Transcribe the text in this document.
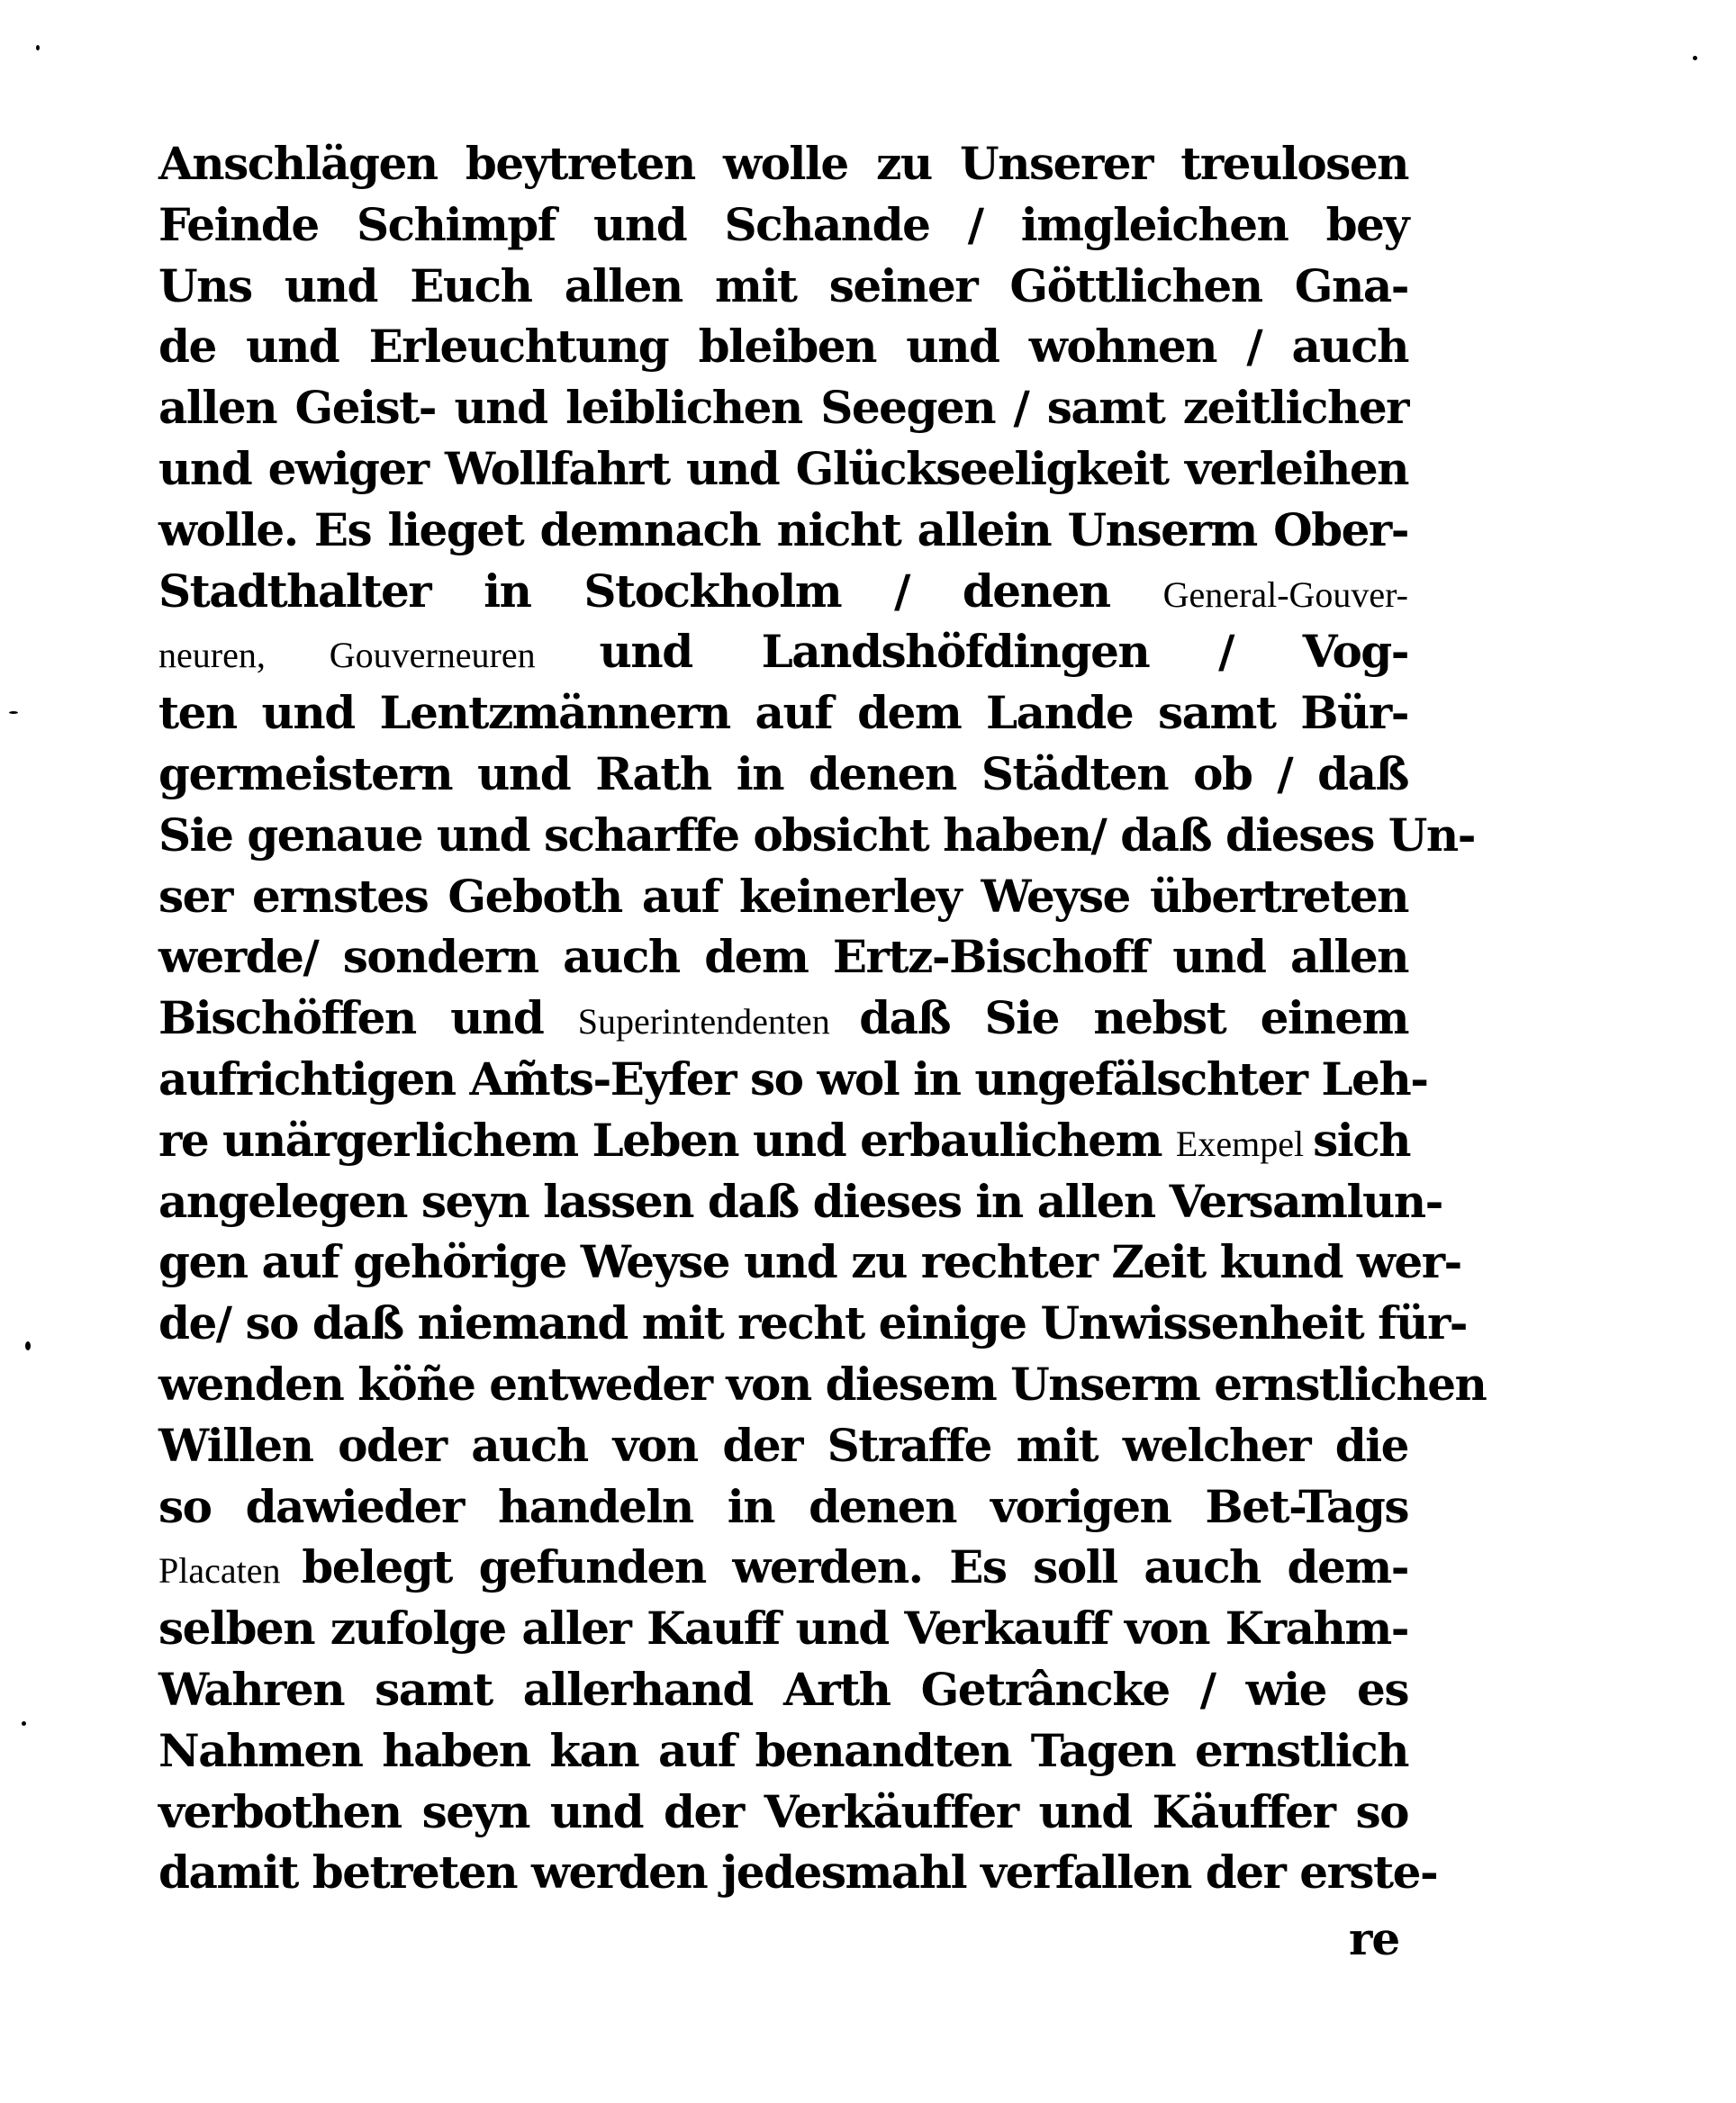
Anschlägen beytreten wolle zu Unserer treulosen
Feinde Schimpf und Schande / imgleichen bey
Uns und Euch allen mit seiner Göttlichen Gna-
de und Erleuchtung bleiben und wohnen / auch
allen Geist- und leiblichen Seegen / samt zeitlicher
und ewiger Wollfahrt und Glückseeligkeit verleihen
wolle. Es lieget demnach nicht allein Unserm Ober-
Stadthalter in Stockholm / denen General-Gouver-
neuren, Gouverneuren und Landshöfdingen / Vog-
ten und Lentzmännern auf dem Lande samt Bür-
germeistern und Rath in denen Städten ob / daß
Sie genaue und scharffe obsicht haben/ daß dieses Un-
ser ernstes Geboth auf keinerley Weyse übertreten
werde/ sondern auch dem Ertz-Bischoff und allen
Bischöffen und Superintendenten daß Sie nebst einem
aufrichtigen Am̃ts-Eyfer so wol in ungefälschter Leh-
re unärgerlichem Leben und erbaulichem Exempel sich
angelegen seyn lassen daß dieses in allen Versamlun-
gen auf gehörige Weyse und zu rechter Zeit kund wer-
de/ so daß niemand mit recht einige Unwissenheit für-
wenden köñe entweder von diesem Unserm ernstlichen
Willen oder auch von der Straffe mit welcher die
so dawieder handeln in denen vorigen Bet-Tags
Placaten belegt gefunden werden. Es soll auch dem-
selben zufolge aller Kauff und Verkauff von Krahm-
Wahren samt allerhand Arth Getrâncke / wie es
Nahmen haben kan auf benandten Tagen ernstlich
verbothen seyn und der Verkäuffer und Käuffer so
damit betreten werden jedesmahl verfallen der erste-
re
